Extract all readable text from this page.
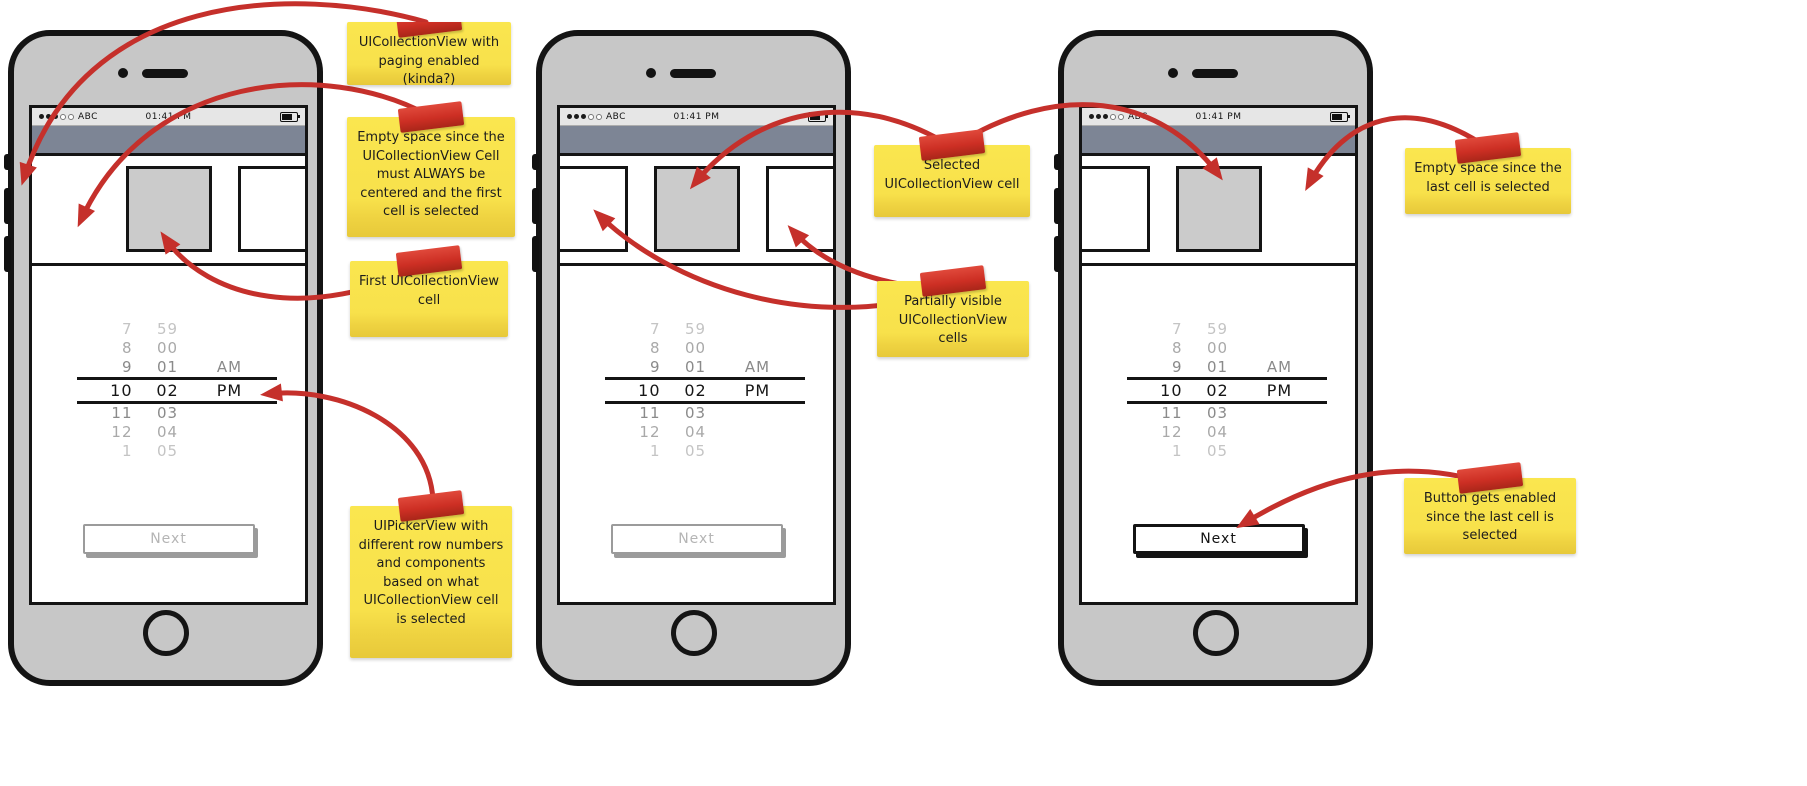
ABC	01:41 PM
7	59
8	00
9	01	AM
10	02	PM
11	03
12	04
1	05
Next
ABC	01:41 PM
7	59
8	00
9	01	AM
10	02	PM
11	03
12	04
1	05
Next
ABC	01:41 PM
7	59
8	00
9	01	AM
10	02	PM
11	03
12	04
1	05
Next
UICollectionView with paging enabled (kinda?)
Empty space since the UICollectionView Cell must ALWAYS be centered and the first cell is selected
First UICollectionView cell
UIPickerView with different row numbers and components based on what UICollectionView cell is selected
Selected UICollectionView cell
Partially visible UICollectionView cells
Empty space since the last cell is selected
Button gets enabled since the last cell is selected
